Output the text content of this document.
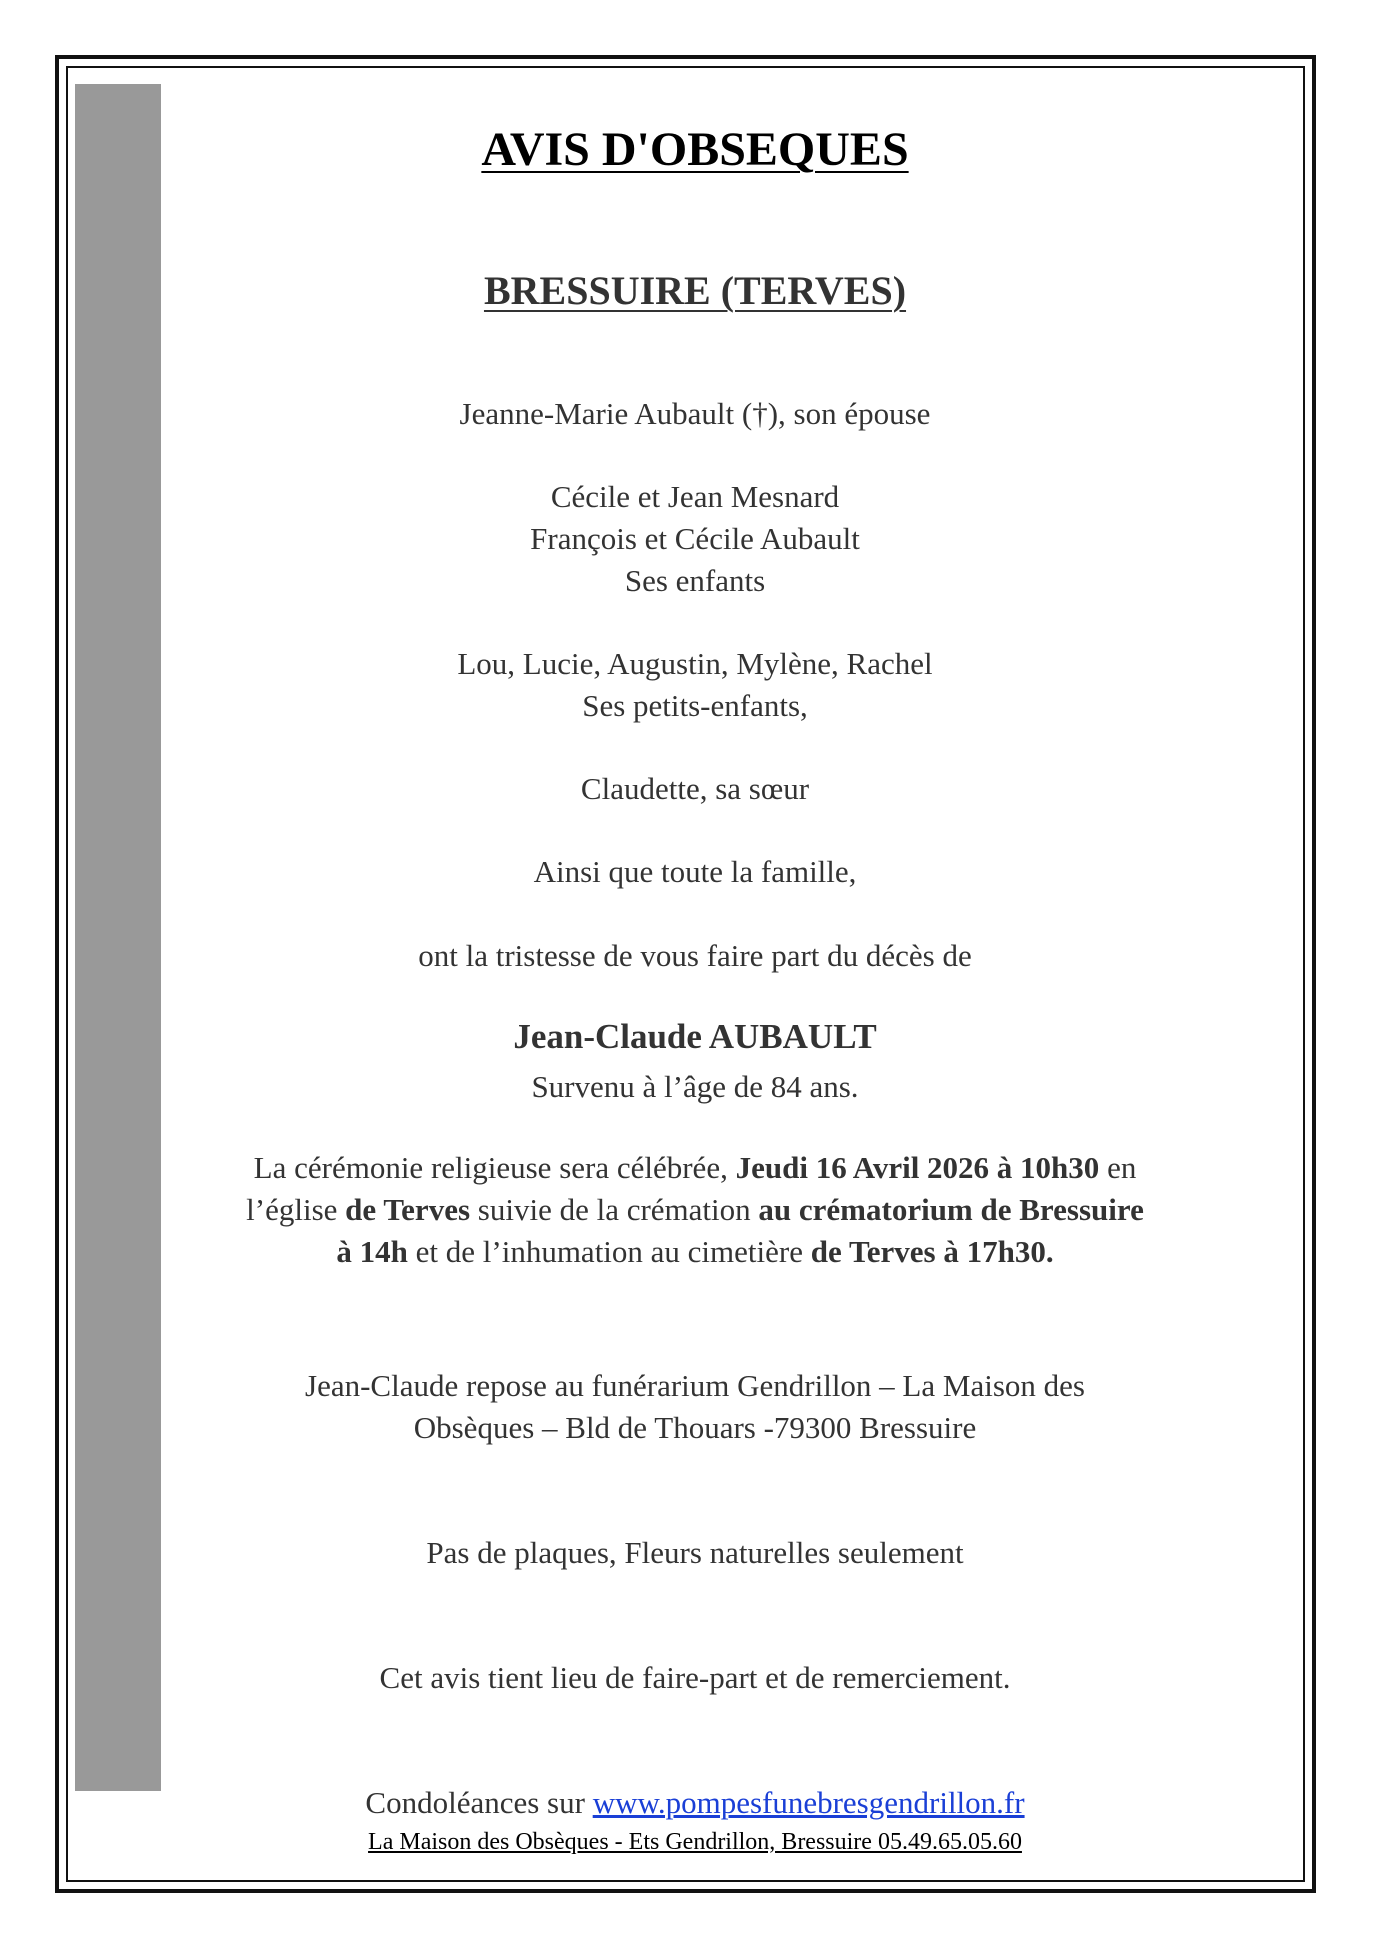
AVIS D'OBSEQUES
BRESSUIRE (TERVES)
Jeanne-Marie Aubault (†), son épouse
Cécile et Jean Mesnard
François et Cécile Aubault
Ses enfants
Lou, Lucie, Augustin, Mylène, Rachel
Ses petits-enfants,
Claudette, sa sœur
Ainsi que toute la famille,
ont la tristesse de vous faire part du décès de
Jean-Claude AUBAULT
Survenu à l’âge de 84 ans.
La cérémonie religieuse sera célébrée, Jeudi 16 Avril 2026 à 10h30 en
l’église de Terves suivie de la crémation au crématorium de Bressuire
à 14h et de l’inhumation au cimetière de Terves à 17h30.
Jean-Claude repose au funérarium Gendrillon – La Maison des
Obsèques – Bld de Thouars -79300 Bressuire
Pas de plaques, Fleurs naturelles seulement
Cet avis tient lieu de faire-part et de remerciement.
Condoléances sur www.pompesfunebresgendrillon.fr
La Maison des Obsèques - Ets Gendrillon, Bressuire 05.49.65.05.60
